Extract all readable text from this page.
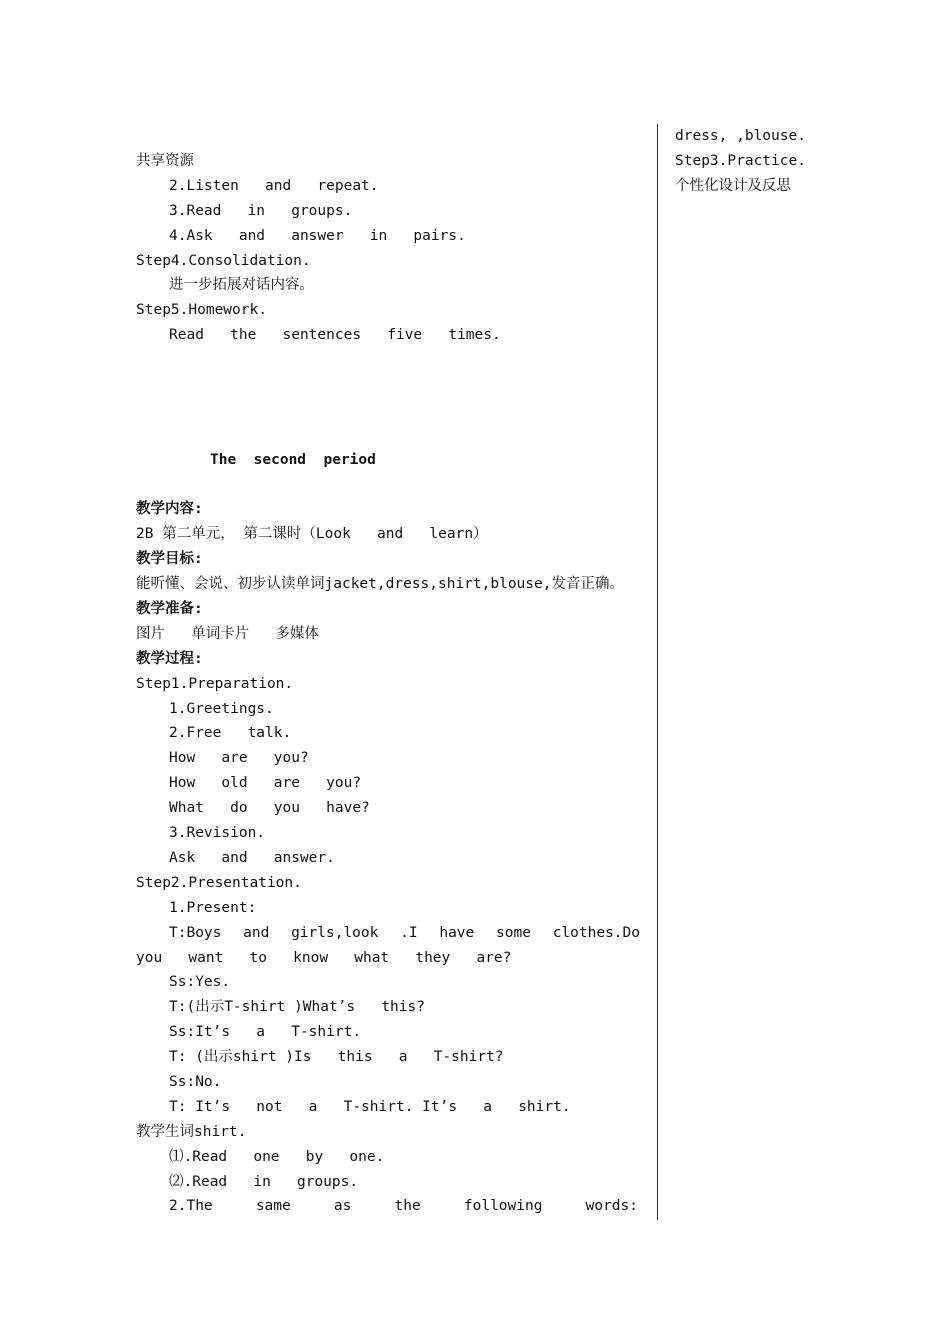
共享资源
2.Listen   and   repeat.
3.Read   in   groups.
4.Ask   and   answer   in   pairs.
Step4.Consolidation.
进一步拓展对话内容。
Step5.Homework.
Read   the   sentences   five   times.
The  second  period
教学内容:
2B 第二单元， 第二课时（Look   and   learn）
教学目标:
能听懂、会说、初步认读单词jacket,dress,shirt,blouse,发音正确。
教学准备:
图片   单词卡片   多媒体
教学过程:
Step1.Preparation.
1.Greetings.
2.Free   talk.
How   are   you?
How   old   are   you?
What   do   you   have?
3.Revision.
Ask   and   answer.
Step2.Presentation.
1.Present:
T:Boys and girls,look .I have some clothes.Do
you   want   to   know   what   they   are?
Ss:Yes.
T:(出示T-shirt )What’s   this?
Ss:It’s   a   T-shirt.
T: (出示shirt )Is   this   a   T-shirt?
Ss:No.
T: It’s   not   a   T-shirt. It’s   a   shirt.
教学生词shirt.
⑴.Read   one   by   one.
⑵.Read   in   groups.
2.The	same	as	the	following	words:
dress, ,blouse.
Step3.Practice.
个性化设计及反思
